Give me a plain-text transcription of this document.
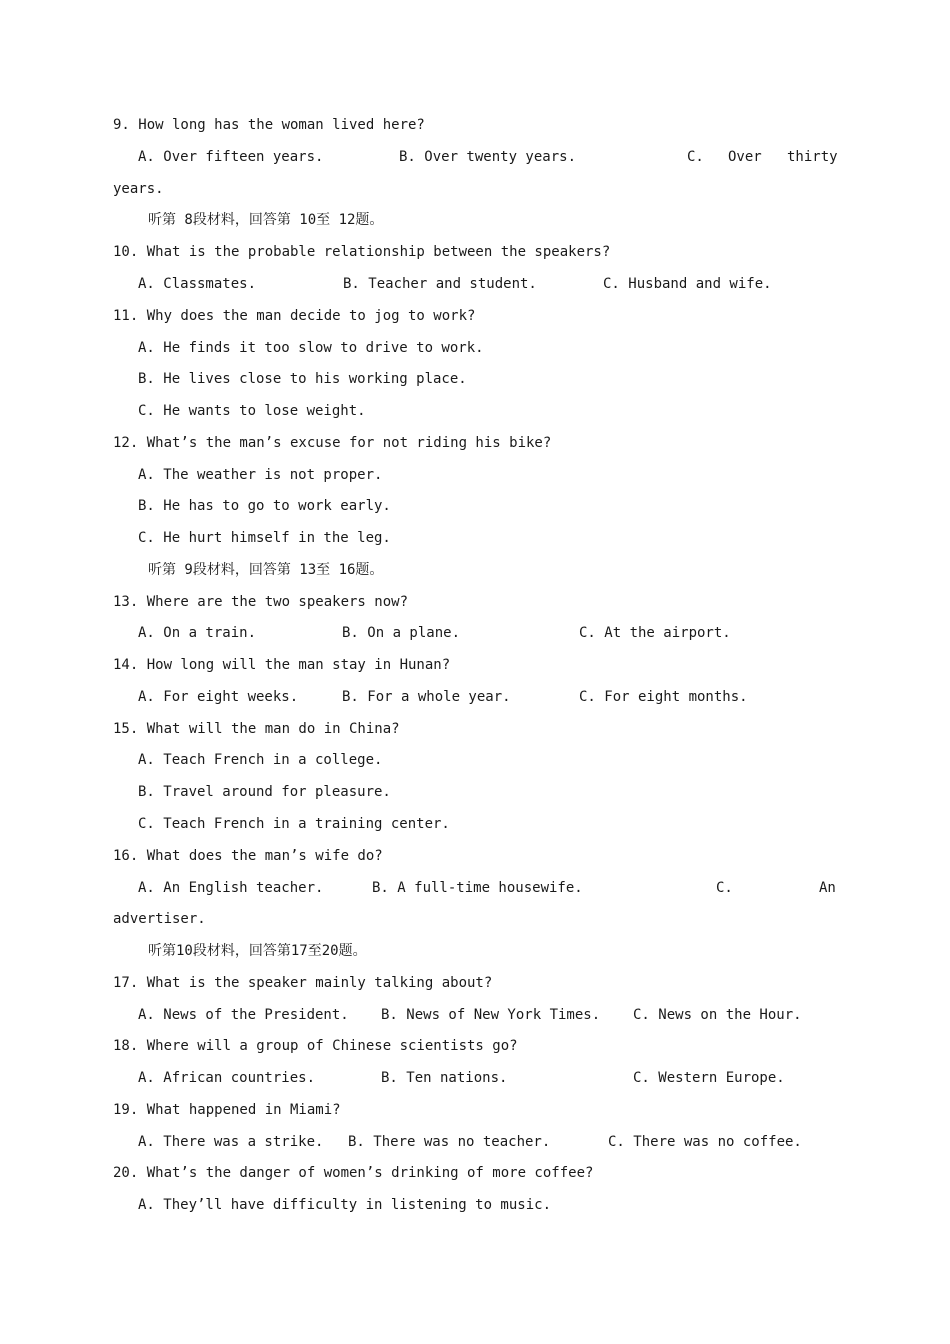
9. How long has the woman lived here?
A. Over fifteen years.	B. Over twenty years.	C. Over thirty
years.
听第 8段材料，回答第 10至 12题。
10. What is the probable relationship between the speakers?
A. Classmates.	B. Teacher and student.	C. Husband and wife.
11. Why does the man decide to jog to work?
A. He finds it too slow to drive to work.
B. He lives close to his working place.
C. He wants to lose weight.
12. What’s the man’s excuse for not riding his bike?
A. The weather is not proper.
B. He has to go to work early.
C. He hurt himself in the leg.
听第 9段材料，回答第 13至 16题。
13. Where are the two speakers now?
A. On a train.	B. On a plane.	C. At the airport.
14. How long will the man stay in Hunan?
A. For eight weeks.	B. For a whole year.	C. For eight months.
15. What will the man do in China?
A. Teach French in a college.
B. Travel around for pleasure.
C. Teach French in a training center.
16. What does the man’s wife do?
A. An English teacher.	B. A full-time housewife.	C.	An
advertiser.
听第10段材料，回答第17至20题。
17. What is the speaker mainly talking about?
A. News of the President. B. News of New York Times. C. News on the Hour.
18. Where will a group of Chinese scientists go?
A. African countries.	B. Ten nations.	C. Western Europe.
19. What happened in Miami?
A. There was a strike. B. There was no teacher.	C. There was no coffee.
20. What’s the danger of women’s drinking of more coffee?
A. They’ll have difficulty in listening to music.
